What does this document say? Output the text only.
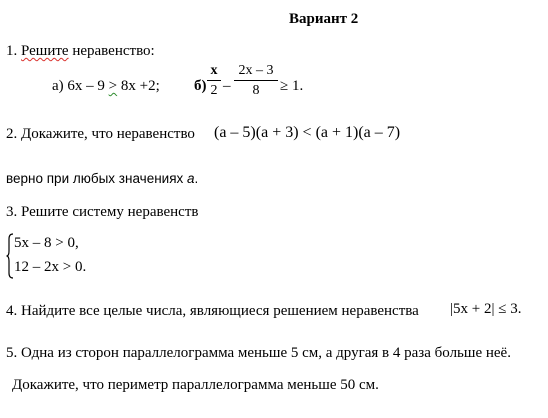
Вариант 2
1. Решите неравенство:
а) 6x – 9 > 8x +2; б)
x
2 –
2x – 3
8 ≥ 1.
2. Докажите, что неравенство (a – 5)(a + 3) < (a + 1)(a – 7)
верно при любых значениях a.
3. Решите систему неравенств
5x – 8 > 0,
12 – 2x > 0.
4. Найдите все целые числа, являющиеся решением неравенства |5x + 2| ≤ 3.
5. Одна из сторон параллелограмма меньше 5 см, а другая в 4 раза больше неё.
Докажите, что периметр параллелограмма меньше 50 см.
